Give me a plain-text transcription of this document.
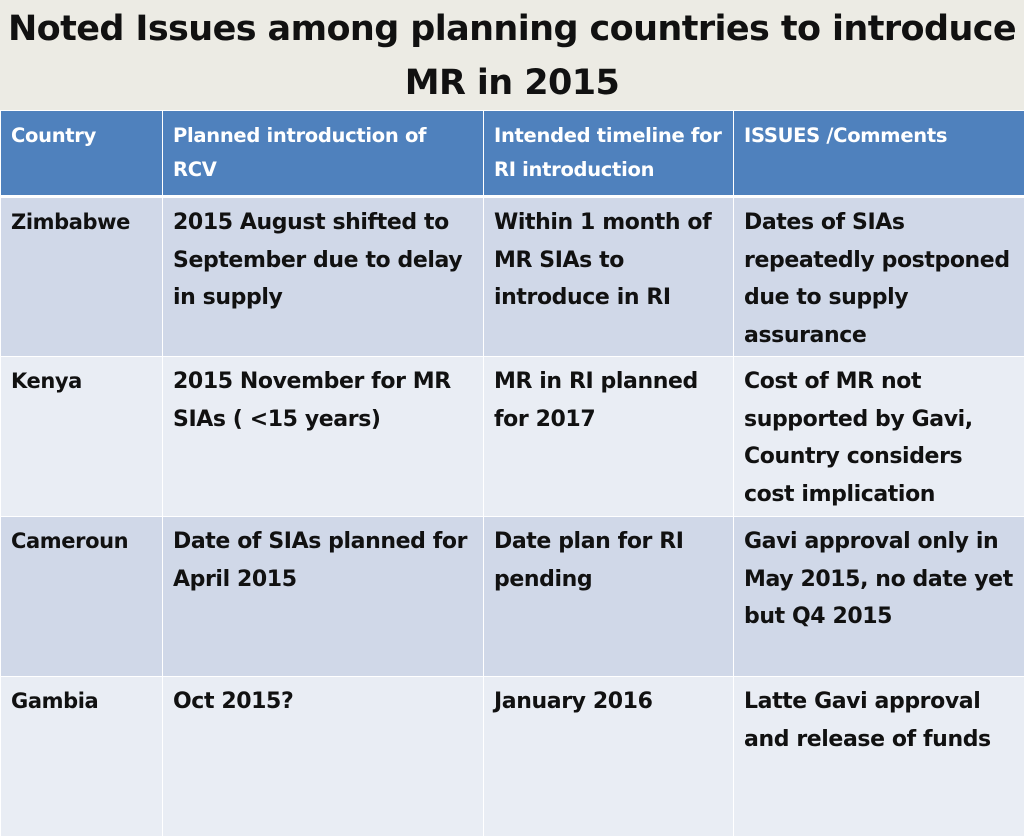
Noted Issues among planning countries to introduce
MR in 2015
Country	Planned introduction of RCV	Intended timeline for RI introduction	ISSUES /Comments
Zimbabwe	2015 August shifted to September due to delay in supply	Within 1 month of MR SIAs to introduce in RI	Dates of SIAs repeatedly postponed due to supply assurance
Kenya	2015 November for MR SIAs ( <15 years)	MR in RI planned for 2017	Cost of MR not supported by Gavi, Country considers cost implication
Cameroun	Date of SIAs planned for April 2015	Date plan for RI pending	Gavi approval only in May 2015, no date yet but Q4 2015
Gambia	Oct 2015?	January 2016	Latte Gavi approval and release of funds
